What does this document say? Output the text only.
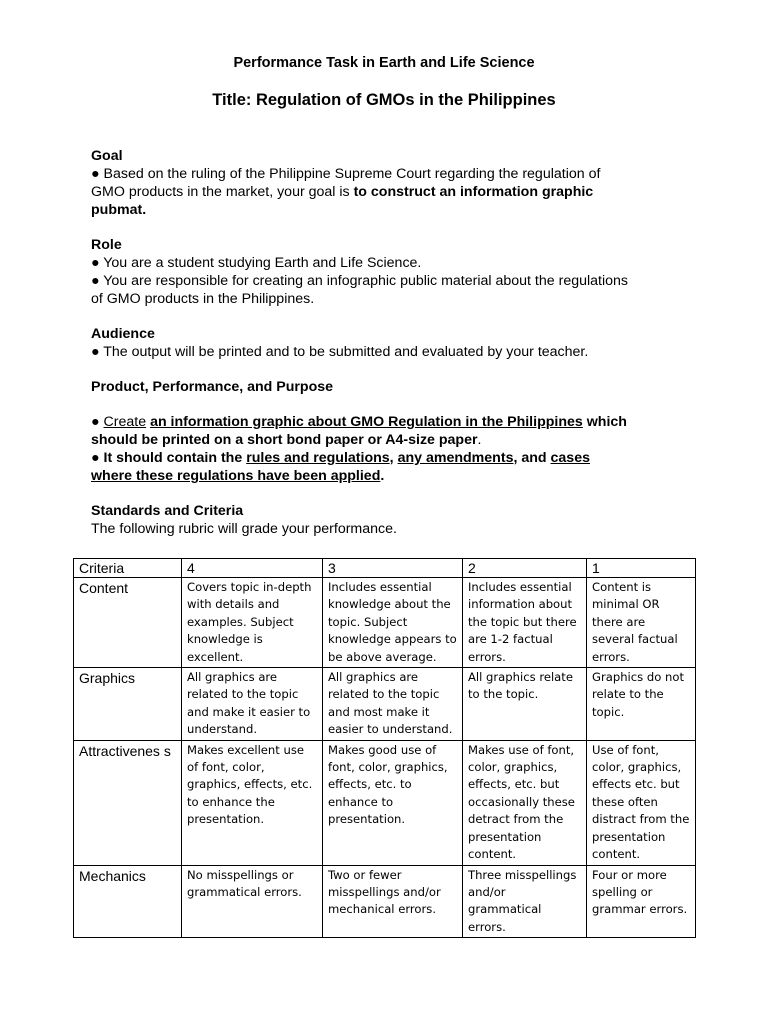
Performance Task in Earth and Life Science
Title: Regulation of GMOs in the Philippines
Goal
● Based on the ruling of the Philippine Supreme Court regarding the regulation of GMO products in the market, your goal is to construct an information graphic pubmat.
Role
● You are a student studying Earth and Life Science.
● You are responsible for creating an infographic public material about the regulations of GMO products in the Philippines.
Audience
● The output will be printed and to be submitted and evaluated by your teacher.
Product, Performance, and Purpose
● Create an information graphic about GMO Regulation in the Philippines which should be printed on a short bond paper or A4-size paper.
● It should contain the rules and regulations, any amendments, and cases where these regulations have been applied.
Standards and Criteria
The following rubric will grade your performance.
Criteria	4	3	2	1
Content	Covers topic in-depth with details and examples. Subject knowledge is excellent.	Includes essential knowledge about the topic. Subject knowledge appears to be above average.	Includes essential information about the topic but there are 1-2 factual errors.	Content is minimal OR there are several factual errors.
Graphics	All graphics are related to the topic and make it easier to understand.	All graphics are related to the topic and most make it easier to understand.	All graphics relate to the topic.	Graphics do not relate to the topic.
Attractivenes s	Makes excellent use of font, color, graphics, effects, etc. to enhance the presentation.	Makes good use of font, color, graphics, effects, etc. to enhance to presentation.	Makes use of font, color, graphics, effects, etc. but occasionally these detract from the presentation content.	Use of font, color, graphics, effects etc. but these often distract from the presentation content.
Mechanics	No misspellings or grammatical errors.	Two or fewer misspellings and/or mechanical errors.	Three misspellings and/or grammatical errors.	Four or more spelling or grammar errors.
